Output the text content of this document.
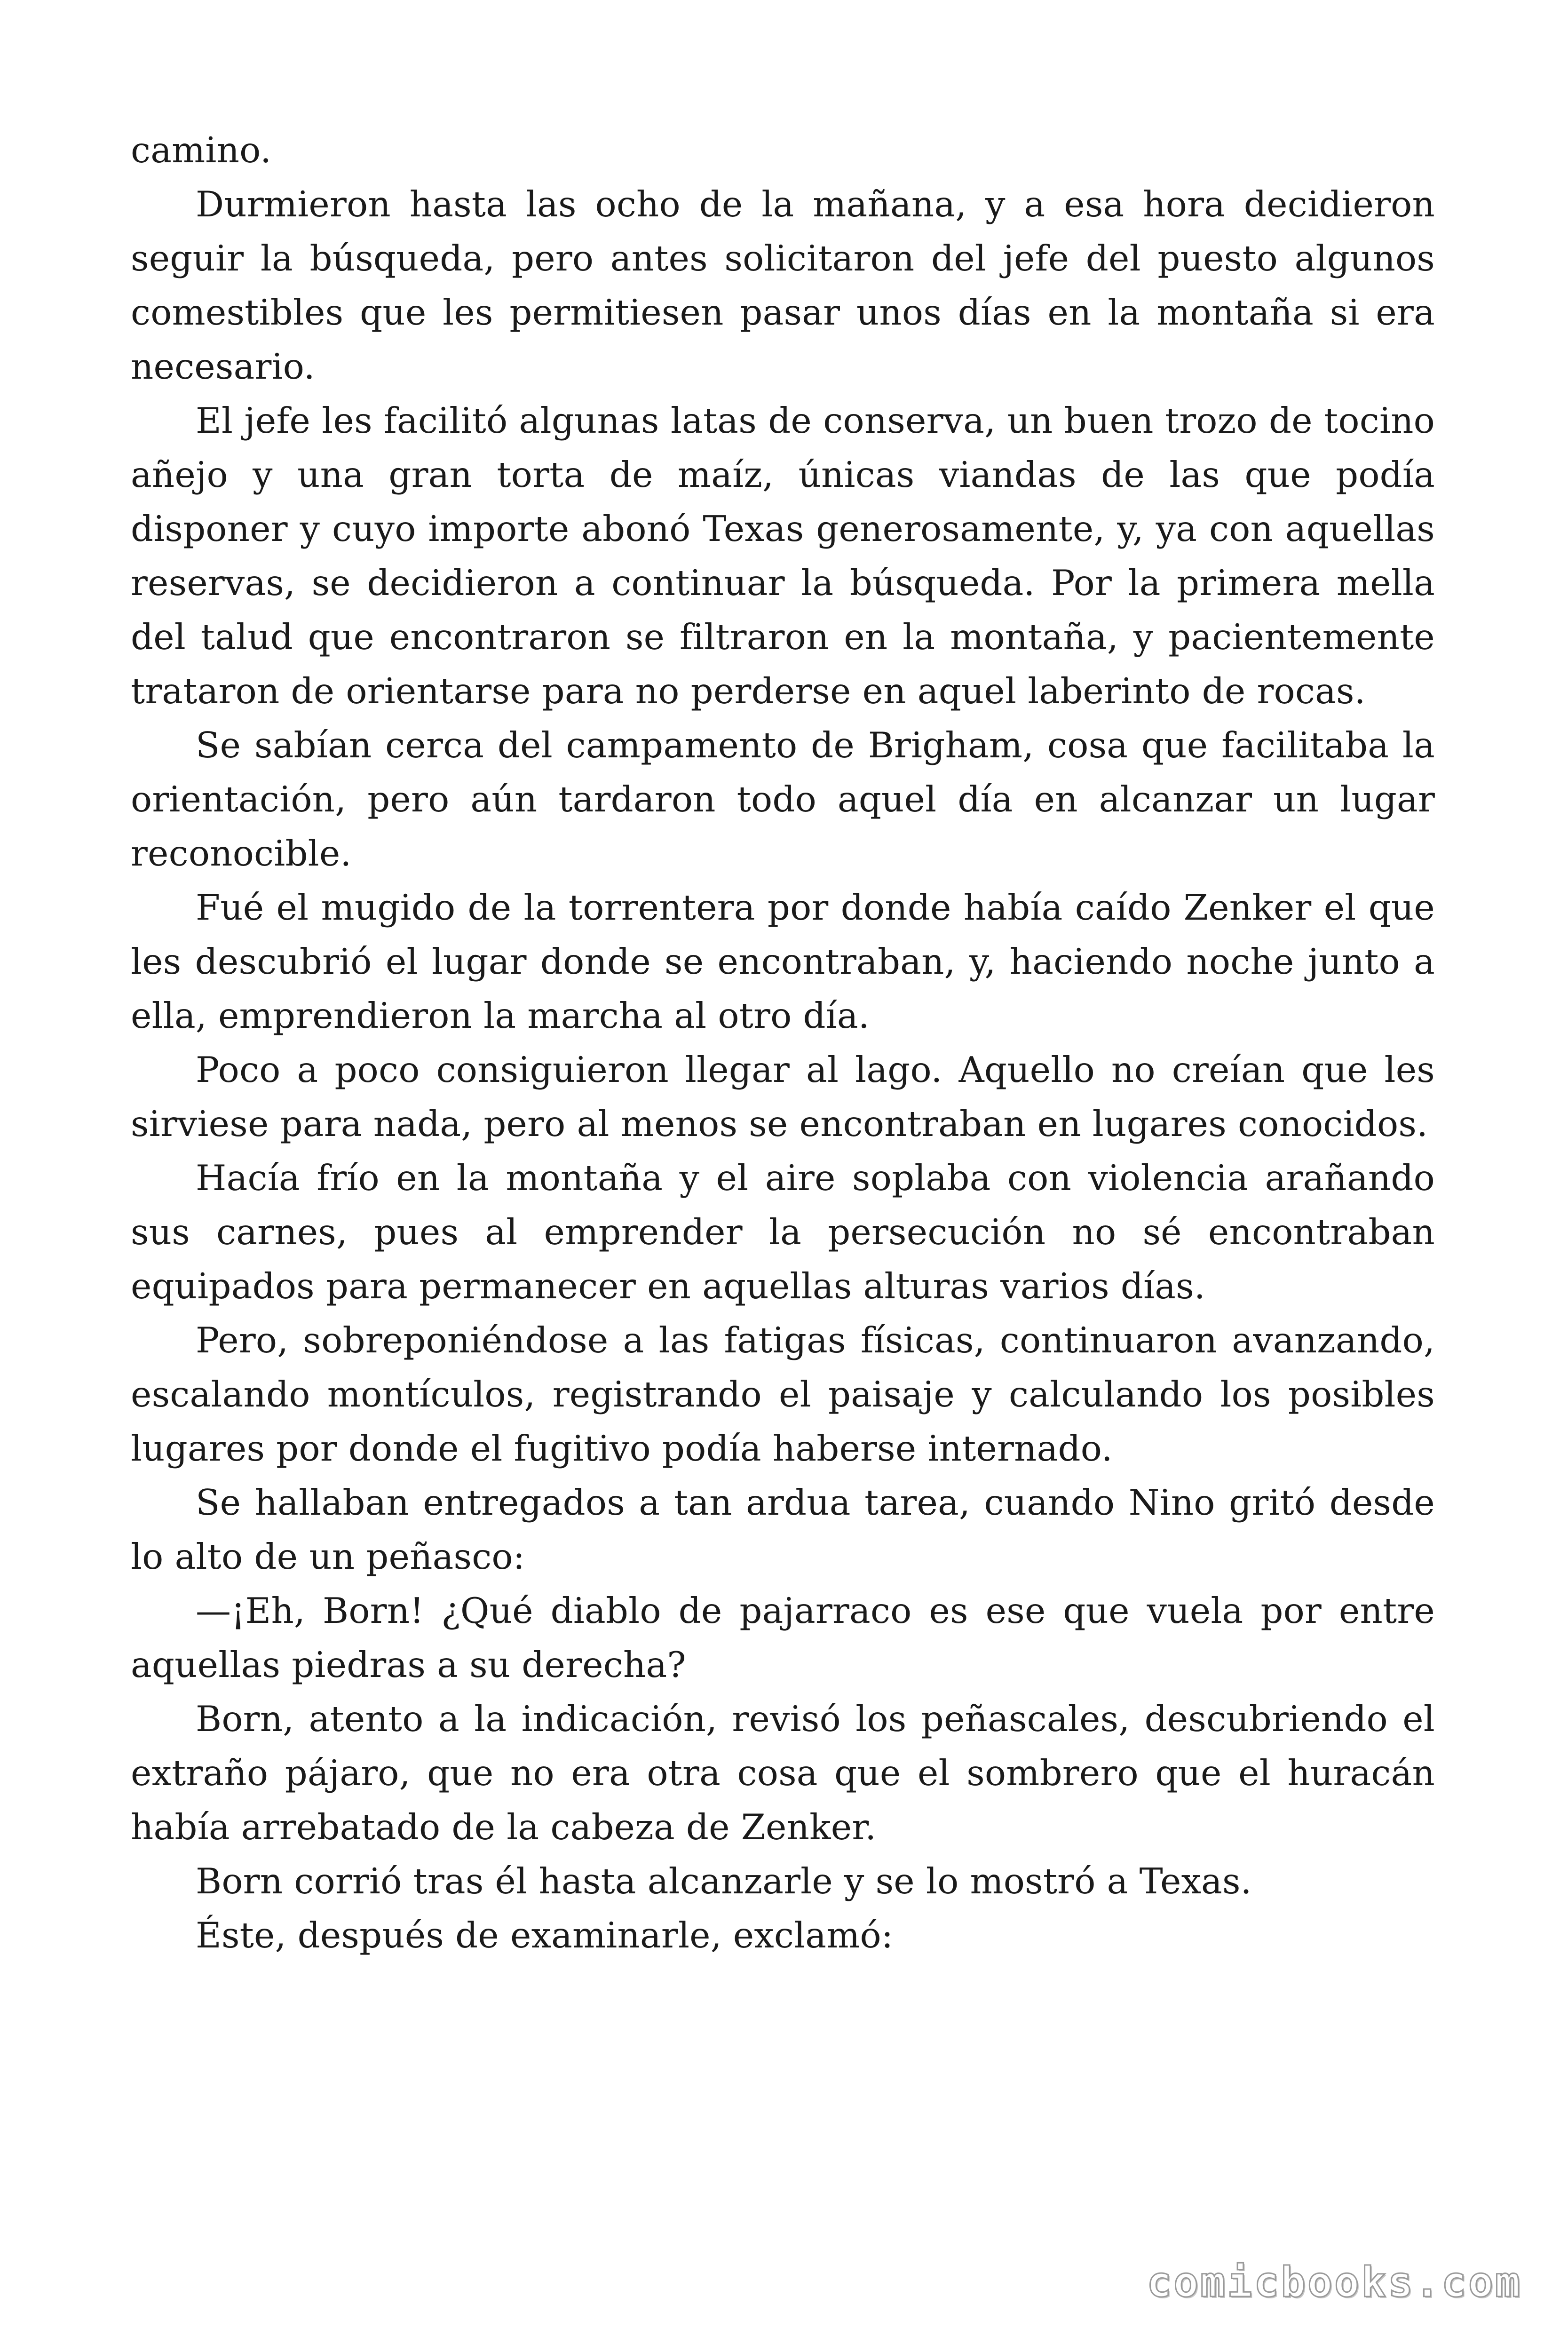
camino.

Durmieron hasta las ocho de la mañana, y a esa hora decidieron seguir la búsqueda, pero antes solicitaron del jefe del puesto algunos comestibles que les permitiesen pasar unos días en la montaña si era necesario.

El jefe les facilitó algunas latas de conserva, un buen trozo de tocino añejo y una gran torta de maíz, únicas viandas de las que podía disponer y cuyo importe abonó Texas generosamente, y, ya con aquellas reservas, se decidieron a continuar la búsqueda. Por la primera mella del talud que encontraron se filtraron en la montaña, y pacientemente trataron de orientarse para no perderse en aquel laberinto de rocas.

Se sabían cerca del campamento de Brigham, cosa que facilitaba la orientación, pero aún tardaron todo aquel día en alcanzar un lugar reconocible.

Fué el mugido de la torrentera por donde había caído Zenker el que les descubrió el lugar donde se encontraban, y, haciendo noche junto a ella, emprendieron la marcha al otro día.

Poco a poco consiguieron llegar al lago. Aquello no creían que les sirviese para nada, pero al menos se encontraban en lugares conocidos.

Hacía frío en la montaña y el aire soplaba con violencia arañando sus carnes, pues al emprender la persecución no sé encontraban equipados para permanecer en aquellas alturas varios días.

Pero, sobreponiéndose a las fatigas físicas, continuaron avanzando, escalando montículos, registrando el paisaje y calculando los posibles lugares por donde el fugitivo podía haberse internado.

Se hallaban entregados a tan ardua tarea, cuando Nino gritó desde lo alto de un peñasco:

—¡Eh, Born! ¿Qué diablo de pajarraco es ese que vuela por entre aquellas piedras a su derecha?

Born, atento a la indicación, revisó los peñascales, descubriendo el extraño pájaro, que no era otra cosa que el sombrero que el huracán había arrebatado de la cabeza de Zenker.

Born corrió tras él hasta alcanzarle y se lo mostró a Texas.

Éste, después de examinarle, exclamó:

comicbooks.com
